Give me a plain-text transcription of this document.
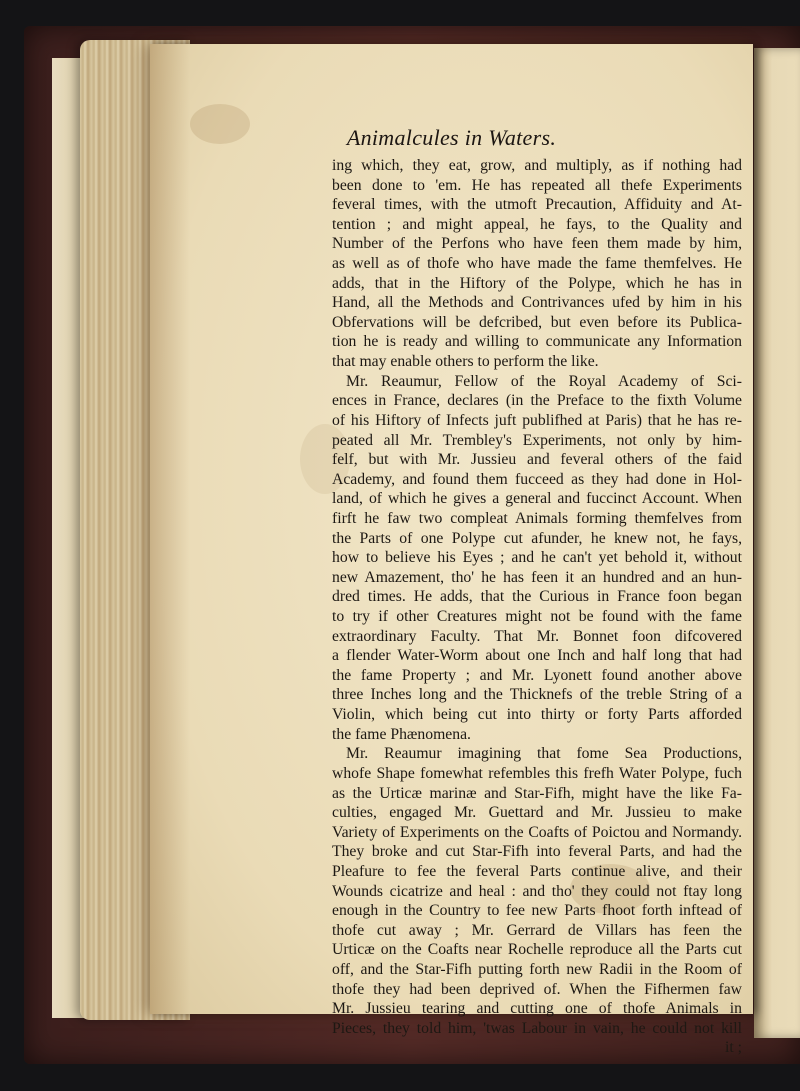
Animalcules in Waters.
ing which, they eat, grow, and multiply, as if nothing had
been done to 'em. He has repeated all thefe Experiments
feveral times, with the utmoft Precaution, Affiduity and At-
tention ; and might appeal, he fays, to the Quality and
Number of the Perfons who have feen them made by him,
as well as of thofe who have made the fame themfelves. He
adds, that in the Hiftory of the Polype, which he has in
Hand, all the Methods and Contrivances ufed by him in his
Obfervations will be defcribed, but even before its Publica-
tion he is ready and willing to communicate any Information
that may enable others to perform the like.
Mr. Reaumur, Fellow of the Royal Academy of Sci-
ences in France, declares (in the Preface to the fixth Volume
of his Hiftory of Infects juft publifhed at Paris) that he has re-
peated all Mr. Trembley's Experiments, not only by him-
felf, but with Mr. Jussieu and feveral others of the faid
Academy, and found them fucceed as they had done in Hol-
land, of which he gives a general and fuccinct Account. When
firft he faw two compleat Animals forming themfelves from
the Parts of one Polype cut afunder, he knew not, he fays,
how to believe his Eyes ; and he can't yet behold it, without
new Amazement, tho' he has feen it an hundred and an hun-
dred times. He adds, that the Curious in France foon began
to try if other Creatures might not be found with the fame
extraordinary Faculty. That Mr. Bonnet foon difcovered
a flender Water-Worm about one Inch and half long that had
the fame Property ; and Mr. Lyonett found another above
three Inches long and the Thicknefs of the treble String of a
Violin, which being cut into thirty or forty Parts afforded
the fame Phænomena.
Mr. Reaumur imagining that fome Sea Productions,
whofe Shape fomewhat refembles this frefh Water Polype, fuch
as the Urticæ marinæ and Star-Fifh, might have the like Fa-
culties, engaged Mr. Guettard and Mr. Jussieu to make
Variety of Experiments on the Coafts of Poictou and Normandy.
They broke and cut Star-Fifh into feveral Parts, and had the
Pleafure to fee the feveral Parts continue alive, and their
Wounds cicatrize and heal : and tho' they could not ftay long
enough in the Country to fee new Parts fhoot forth inftead of
thofe cut away ; Mr. Gerrard de Villars has feen the
Urticæ on the Coafts near Rochelle reproduce all the Parts cut
off, and the Star-Fifh putting forth new Radii in the Room of
thofe they had been deprived of. When the Fifhermen faw
Mr. Jussieu tearing and cutting one of thofe Animals in
Pieces, they told him, 'twas Labour in vain, he could not kill
it ;
